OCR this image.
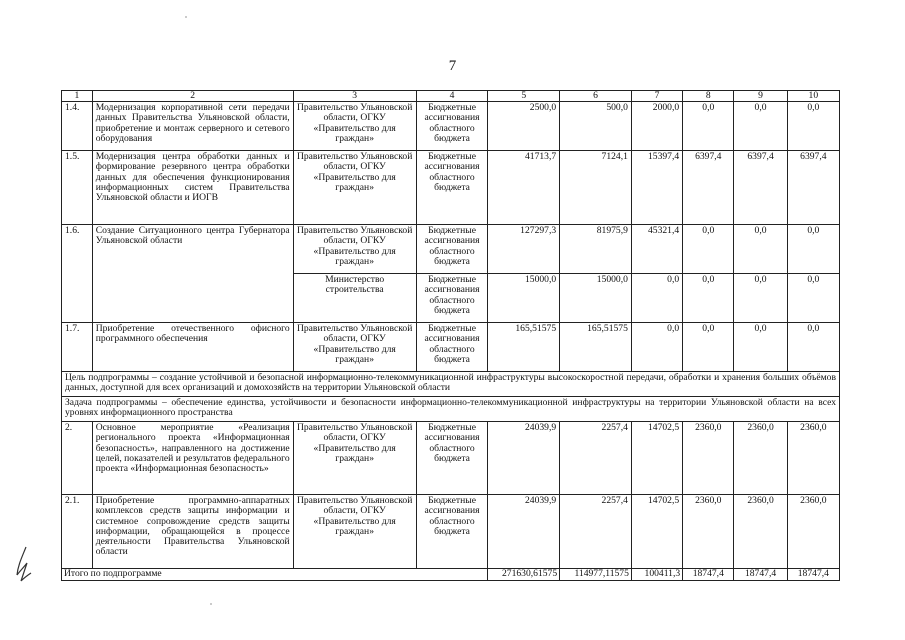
7
1	2	3	4	5	6	7	8	9	10
1.4.	Модернизация корпоративной сети передачи данных Правительства Ульяновской области, приобретение и монтаж серверного и сетевого оборудования	Правительство Ульяновской области, ОГКУ «Правительство для граждан»	Бюджетные ассигнования областного бюджета	2500,0	500,0	2000,0	0,0	0,0	0,0
1.5.	Модернизация центра обработки данных и формирование резервного центра обработки данных для обеспечения функционирования информационных систем Правительства Ульяновской области и ИОГВ	Правительство Ульяновской области, ОГКУ «Правительство для граждан»	Бюджетные ассигнования областного бюджета	41713,7	7124,1	15397,4	6397,4	6397,4	6397,4
1.6.	Создание Ситуационного центра Губернатора Ульяновской области	Правительство Ульяновской области, ОГКУ «Правительство для граждан»	Бюджетные ассигнования областного бюджета	127297,3	81975,9	45321,4	0,0	0,0	0,0
		Министерство строительства	Бюджетные ассигнования областного бюджета	15000,0	15000,0	0,0	0,0	0,0	0,0
1.7.	Приобретение отечественного офисного программного обеспечения	Правительство Ульяновской области, ОГКУ «Правительство для граждан»	Бюджетные ассигнования областного бюджета	165,51575	165,51575	0,0	0,0	0,0	0,0
Цель подпрограммы – создание устойчивой и безопасной информационно-телекоммуникационной инфраструктуры высокоскоростной передачи, обработки и хранения больших объёмов данных, доступной для всех организаций и домохозяйств на территории Ульяновской области									
Задача подпрограммы – обеспечение единства, устойчивости и безопасности информационно-телекоммуникационной инфраструктуры на территории Ульяновской области на всех уровнях информационного пространства									
2.	Основное мероприятие «Реализация регионального проекта «Информационная безопасность», направленного на достижение целей, показателей и результатов федерального проекта «Информационная безопасность»	Правительство Ульяновской области, ОГКУ «Правительство для граждан»	Бюджетные ассигнования областного бюджета	24039,9	2257,4	14702,5	2360,0	2360,0	2360,0
2.1.	Приобретение программно-аппаратных комплексов средств защиты информации и системное сопровождение средств защиты информации, обращающейся в процессе деятельности Правительства Ульяновской области	Правительство Ульяновской области, ОГКУ «Правительство для граждан»	Бюджетные ассигнования областного бюджета	24039,9	2257,4	14702,5	2360,0	2360,0	2360,0
Итого по подпрограмме				271630,61575	114977,11575	100411,3	18747,4	18747,4	18747,4
